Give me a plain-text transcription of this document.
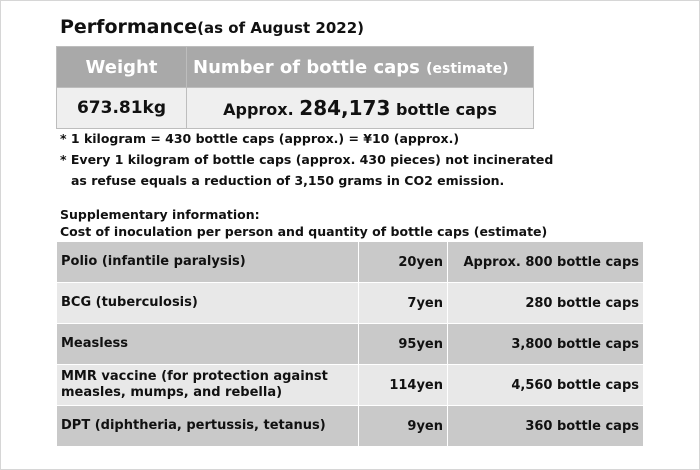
Performance(as of August 2022)
Weight	Number of bottle caps (estimate)
673.81kg	Approx. 284,173 bottle caps
* 1 kilogram = 430 bottle caps (approx.) = ¥10 (approx.)
* Every 1 kilogram of bottle caps (approx. 430 pieces) not incinerated
as refuse equals a reduction of 3,150 grams in CO2 emission.
Supplementary information:
Cost of inoculation per person and quantity of bottle caps (estimate)
Polio (infantile paralysis)	20yen	Approx. 800 bottle caps
BCG (tuberculosis)	7yen	280 bottle caps
Measless	95yen	3,800 bottle caps
MMR vaccine (for protection against measles, mumps, and rebella)	114yen	4,560 bottle caps
DPT (diphtheria, pertussis, tetanus)	9yen	360 bottle caps
